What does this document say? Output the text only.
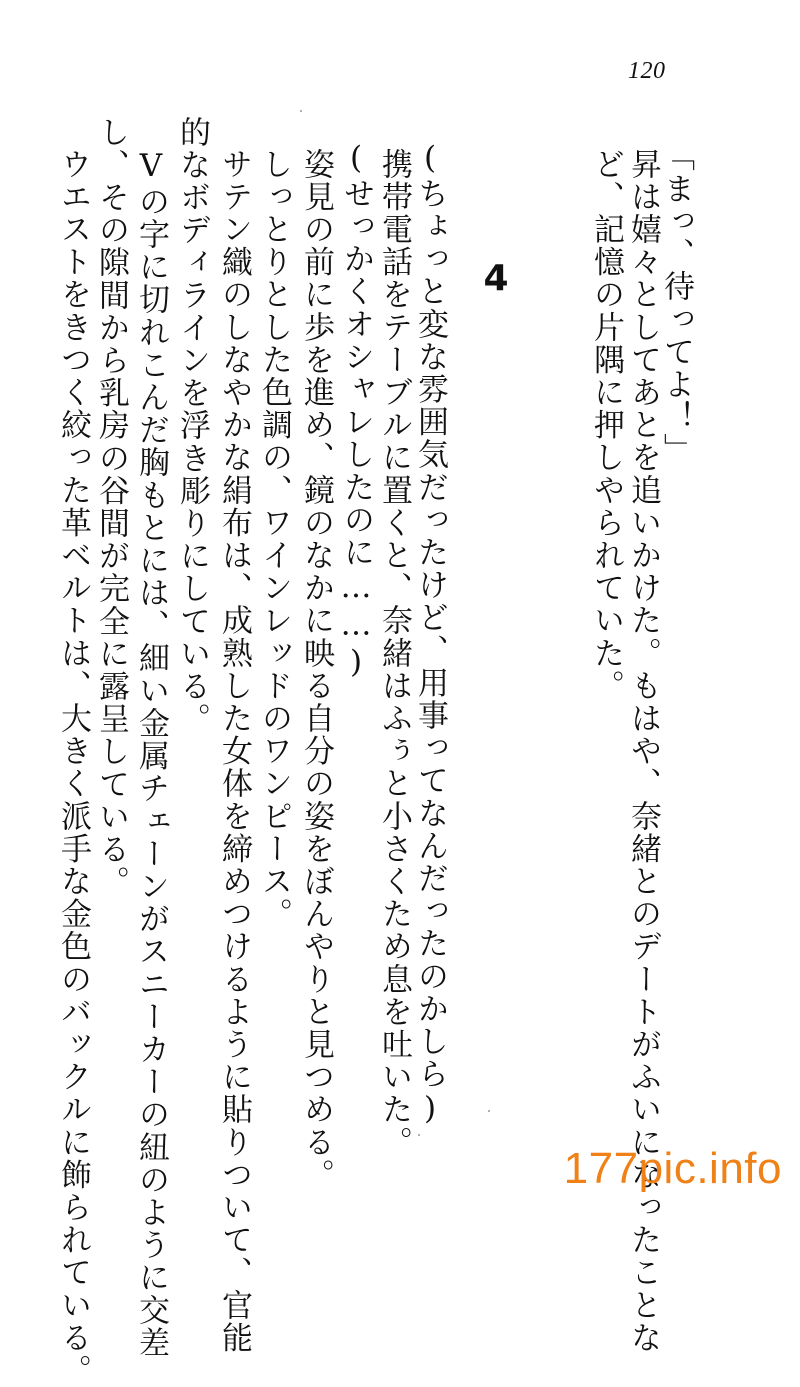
120
「まっ、待ってよ！」
昇は嬉々としてあとを追いかけた。もはや、奈緒とのデートがふいになったことな
ど、記憶の片隅に押しやられていた。
4
携帯電話をテーブルに置くと、奈緒はふぅと小さくため息を吐いた。 (ちょっと変な雰囲気だったけど、用事ってなんだったのかしら)
(せっかくオシャレしたのに……)
姿見の前に歩を進め、鏡のなかに映る自分の姿をぼんやりと見つめる。
しっとりとした色調の、ワインレッドのワンピース。
サテン織のしなやかな絹布は、成熟した女体を締めつけるように貼りついて、官能
的なボディラインを浮き彫りにしている。
Vの字に切れこんだ胸もとには、細い金属チェーンがスニーカーの紐のように交差
し、その隙間から乳房の谷間が完全に露呈している。
ウエストをきつく絞った革ベルトは、大きく派手な金色のバックルに飾られている。	177pic.info
